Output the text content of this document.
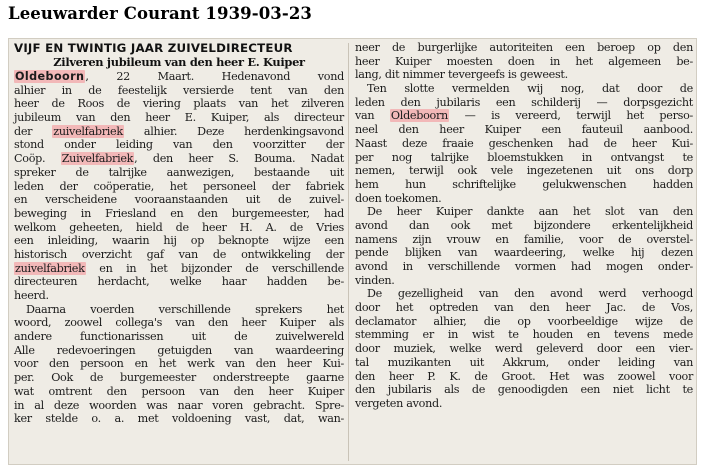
Leeuwarder Courant 1939-03-23
VIJF EN TWINTIG JAAR ZUIVELDIRECTEUR
Zilveren jubileum van den heer E. Kuiper
Oldeboorn, 22 Maart. Hedenavond vond
alhier in de feestelijk versierde tent van den
heer de Roos de viering plaats van het zilveren
jubileum van den heer E. Kuiper, als directeur
der zuivelfabriek alhier. Deze herdenkingsavond
stond onder leiding van den voorzitter der
Coöp. Zuivelfabriek, den heer S. Bouma. Nadat
spreker de talrijke aanwezigen, bestaande uit
leden der coöperatie, het personeel der fabriek
en verscheidene vooraanstaanden uit de zuivel-
beweging in Friesland en den burgemeester, had
welkom geheeten, hield de heer H. A. de Vries
een inleiding, waarin hij op beknopte wijze een
historisch overzicht gaf van de ontwikkeling der
zuivelfabriek en in het bijzonder de verschillende
directeuren herdacht, welke haar hadden be-
heerd.
Daarna voerden verschillende sprekers het
woord, zoowel collega's van den heer Kuiper als
andere functionarissen uit de zuivelwereld
Alle redevoeringen getuigden van waardeering
voor den persoon en het werk van den heer Kui-
per. Ook de burgemeester onderstreepte gaarne
wat omtrent den persoon van den heer Kuiper
in al deze woorden was naar voren gebracht. Spre-
ker stelde o. a. met voldoening vast, dat, wan-
neer de burgerlijke autoriteiten een beroep op den
heer Kuiper moesten doen in het algemeen be-
lang, dit nimmer tevergeefs is geweest.
Ten slotte vermelden wij nog, dat door de
leden den jubilaris een schilderij — dorpsgezicht
van Oldeboorn — is vereerd, terwijl het perso-
neel den heer Kuiper een fauteuil aanbood.
Naast deze fraaie geschenken had de heer Kui-
per nog talrijke bloemstukken in ontvangst te
nemen, terwijl ook vele ingezetenen uit ons dorp
hem hun schriftelijke gelukwenschen hadden
doen toekomen.
De heer Kuiper dankte aan het slot van den
avond dan ook met bijzondere erkentelijkheid
namens zijn vrouw en familie, voor de overstel-
pende blijken van waardeering, welke hij dezen
avond in verschillende vormen had mogen onder-
vinden.
De gezelligheid van den avond werd verhoogd
door het optreden van den heer Jac. de Vos,
declamator alhier, die op voorbeeldige wijze de
stemming er in wist te houden en tevens mede
door muziek, welke werd geleverd door een vier-
tal muzikanten uit Akkrum, onder leiding van
den heer P. K. de Groot. Het was zoowel voor
den jubilaris als de genoodigden een niet licht te
vergeten avond.
